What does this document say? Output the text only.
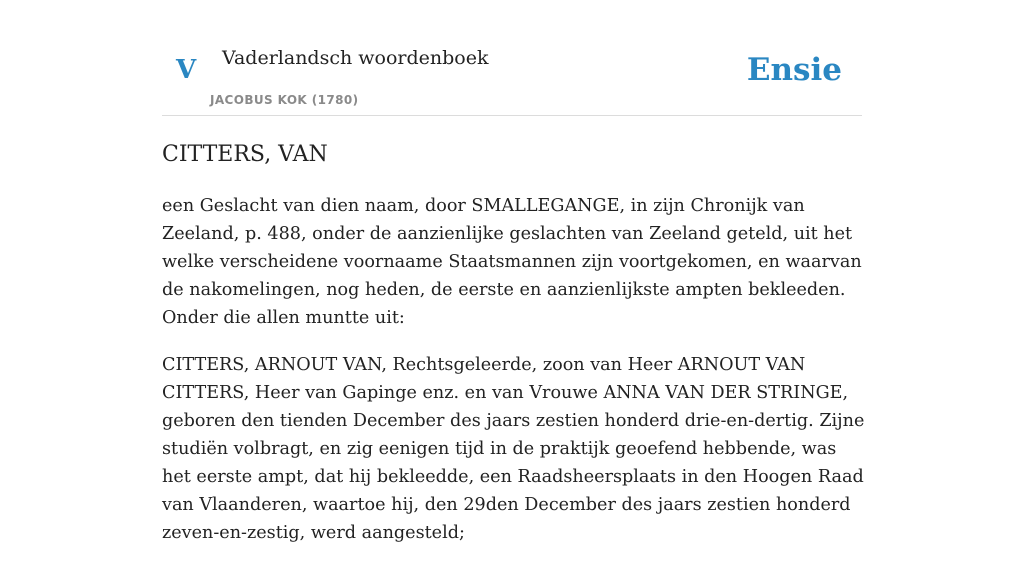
V Vaderlandsch woordenboek
JACOBUS KOK (1780)
Ensie
CITTERS, VAN

een Geslacht van dien naam, door SMALLEGANGE, in zijn Chronijk van Zeeland, p. 488, onder de aanzienlijke geslachten van Zeeland geteld, uit het welke verscheidene voornaame Staatsmannen zijn voortgekomen, en waarvan de nakomelingen, nog heden, de eerste en aanzienlijkste ampten bekleeden. Onder die allen muntte uit:

CITTERS, ARNOUT VAN, Rechtsgeleerde, zoon van Heer ARNOUT VAN CITTERS, Heer van Gapinge enz. en van Vrouwe ANNA VAN DER STRINGE, geboren den tienden December des jaars zestien honderd drie-en-dertig. Zijne studiën volbragt, en zig eenigen tijd in de praktijk geoefend hebbende, was het eerste ampt, dat hij bekleedde, een Raadsheersplaats in den Hoogen Raad van Vlaanderen, waartoe hij, den 29den December des jaars zestien honderd zeven-en-zestig, werd aangesteld;
